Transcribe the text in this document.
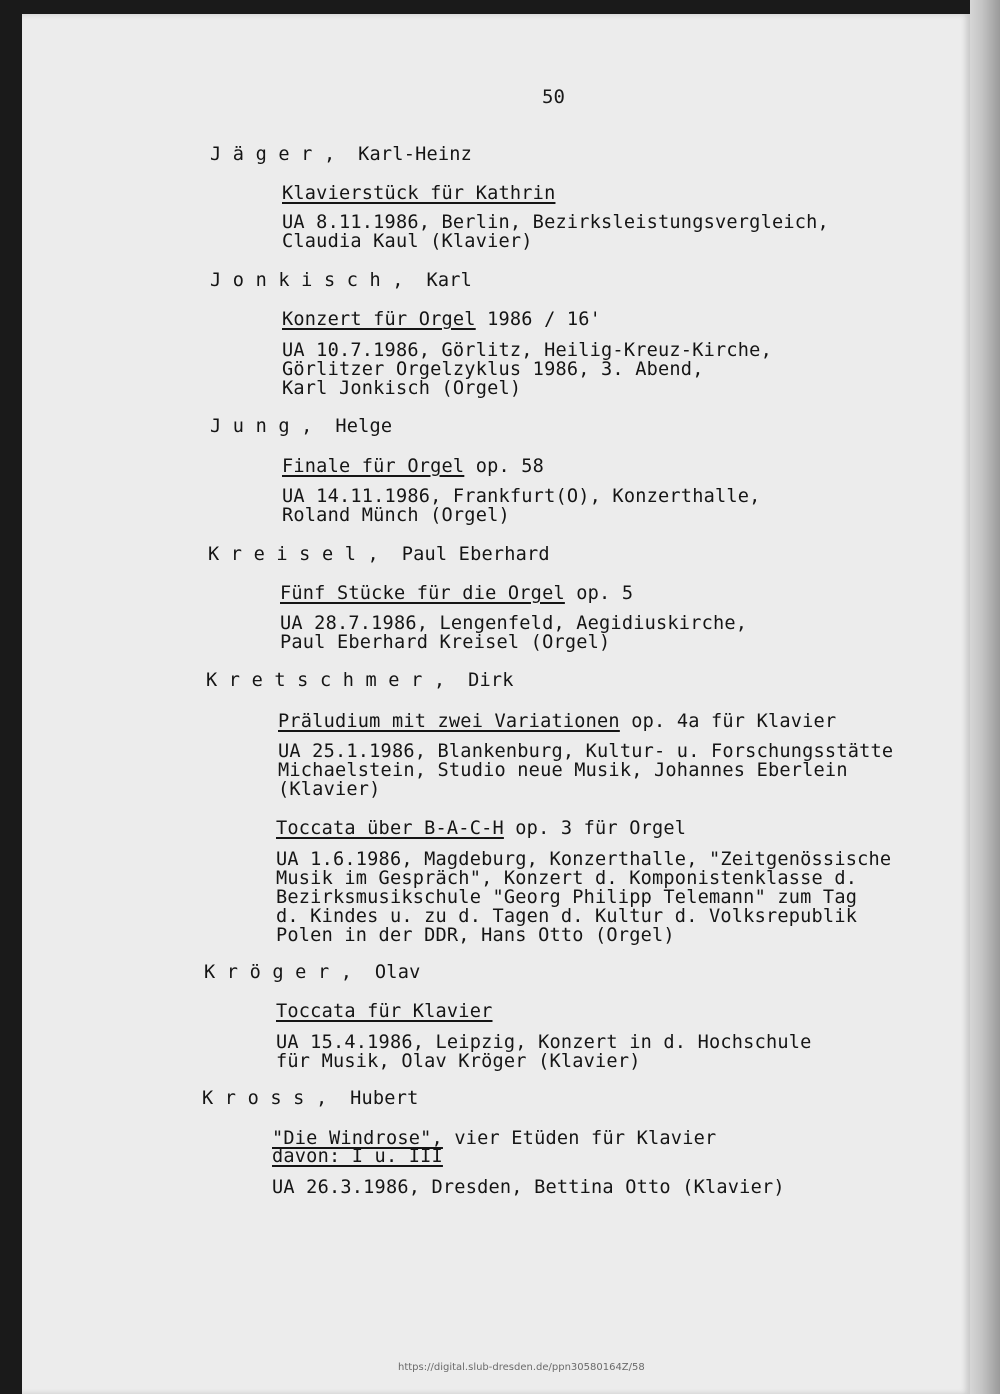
50
J ä g e r ,  Karl-Heinz
Klavierstück für Kathrin
UA 8.11.1986, Berlin, Bezirksleistungsvergleich,
Claudia Kaul (Klavier)
J o n k i s c h ,  Karl
Konzert für Orgel 1986 / 16'
UA 10.7.1986, Görlitz, Heilig-Kreuz-Kirche,
Görlitzer Orgelzyklus 1986, 3. Abend,
Karl Jonkisch (Orgel)
J u n g ,  Helge
Finale für Orgel op. 58
UA 14.11.1986, Frankfurt(O), Konzerthalle,
Roland Münch (Orgel)
K r e i s e l ,  Paul Eberhard
Fünf Stücke für die Orgel op. 5
UA 28.7.1986, Lengenfeld, Aegidiuskirche,
Paul Eberhard Kreisel (Orgel)
K r e t s c h m e r ,  Dirk
Präludium mit zwei Variationen op. 4a für Klavier
UA 25.1.1986, Blankenburg, Kultur- u. Forschungsstätte
Michaelstein, Studio neue Musik, Johannes Eberlein
(Klavier)
Toccata über B-A-C-H op. 3 für Orgel
UA 1.6.1986, Magdeburg, Konzerthalle, "Zeitgenössische
Musik im Gespräch", Konzert d. Komponistenklasse d.
Bezirksmusikschule "Georg Philipp Telemann" zum Tag
d. Kindes u. zu d. Tagen d. Kultur d. Volksrepublik
Polen in der DDR, Hans Otto (Orgel)
K r ö g e r ,  Olav
Toccata für Klavier
UA 15.4.1986, Leipzig, Konzert in d. Hochschule
für Musik, Olav Kröger (Klavier)
K r o s s ,  Hubert
"Die Windrose", vier Etüden für Klavier
davon: I u. III
UA 26.3.1986, Dresden, Bettina Otto (Klavier)
https://digital.slub-dresden.de/ppn30580164Z/58
